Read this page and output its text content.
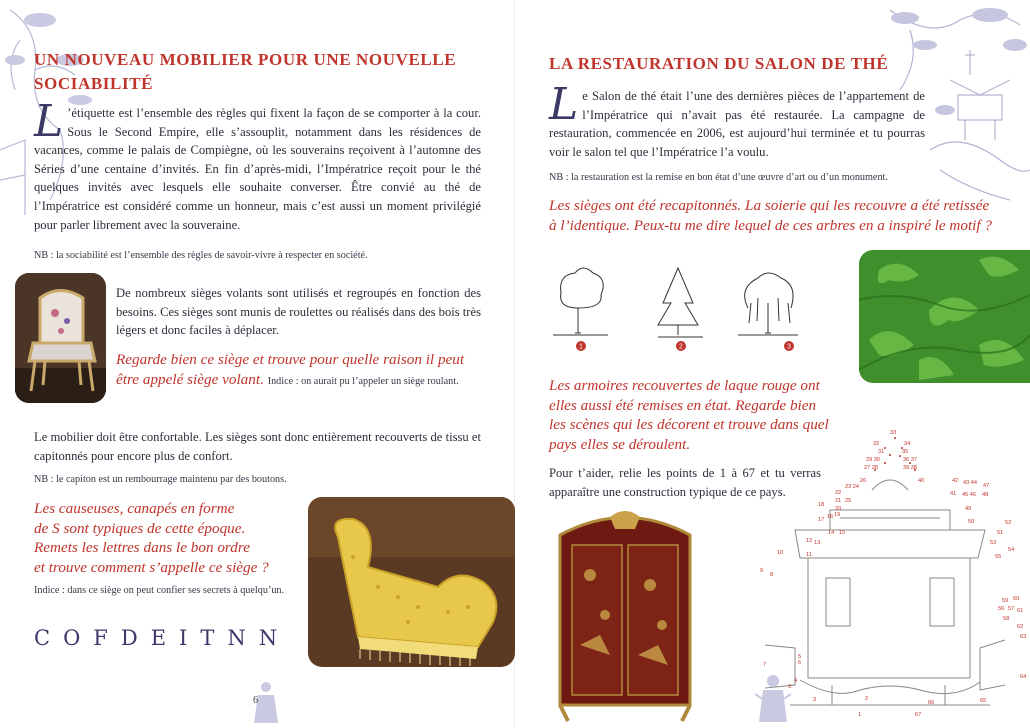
UN NOUVEAU MOBILIER POUR UNE NOUVELLE
SOCIABILITÉ
L ’étiquette est l’ensemble des règles qui fixent la façon de se comporter à la cour. Sous le Second Empire, elle s’assouplit, notamment dans les résidences de vacances, comme le palais de Compiègne, où les souverains reçoivent à l’automne des Séries d’une centaine d’invités. En fin d’après-midi, l’Impératrice reçoit pour le thé quelques invités avec lesquels elle souhaite converser. Être convié au thé de l’Impératrice est considéré comme un honneur, mais c’est aussi un moment privilégié pour parler librement avec la souveraine.
NB : la sociabilité est l’ensemble des règles de savoir-vivre à respecter en société.
De nombreux sièges volants sont utilisés et regroupés en fonction des besoins. Ces sièges sont munis de roulettes ou réalisés dans des bois très légers et donc faciles à déplacer.
Regarde bien ce siège et trouve pour quelle raison il peut
être appelé siège volant. Indice : on aurait pu l’appeler un siège roulant.
Le mobilier doit être confortable. Les sièges sont donc entièrement recouverts de tissu et capitonnés pour encore plus de confort.
NB : le capiton est un rembourrage maintenu par des boutons.
Les causeuses, canapés en forme
de S sont typiques de cette époque.
Remets les lettres dans le bon ordre
et trouve comment s’appelle ce siège ?
Indice : dans ce siège on peut confier ses secrets à quelqu’un.
COFDEITNN
6
LA RESTAURATION DU SALON DE THÉ
Le Salon de thé était l’une des dernières pièces de l’appartement de l’Impératrice qui n’avait pas été restaurée. La campagne de restauration, commencée en 2006, est aujourd’hui terminée et tu pourras voir le salon tel que l’Impératrice l’a voulu.
NB : la restauration est la remise en bon état d’une œuvre d’art ou d’un monument.
Les sièges ont été recapitonnés. La soierie qui les recouvre a été retissée à l’identique. Peux-tu me dire lequel de ces arbres en a inspiré le motif ?
1	2	3
Les armoires recouvertes de laque rouge ont elles aussi été remises en état. Regarde bien les scènes qui les décorent et trouve dans quel pays elles se déroulent.
Pour t’aider, relie les points de 1 à 67 et tu verras apparaître une construction typique de ce pays.
33
32	34
31	35
29 30	36 37
27 28	39 38
26	40
23 24
22
42 43 44 47
21 25
41 45 46 48
18
20
19
49
17 16
50	52
14 15	51
12 13	53
54
10	11	55
9
8
59 60
56 57 61
58
62
7	6
5
63
4
64
3
3	2
66	65
1	67
